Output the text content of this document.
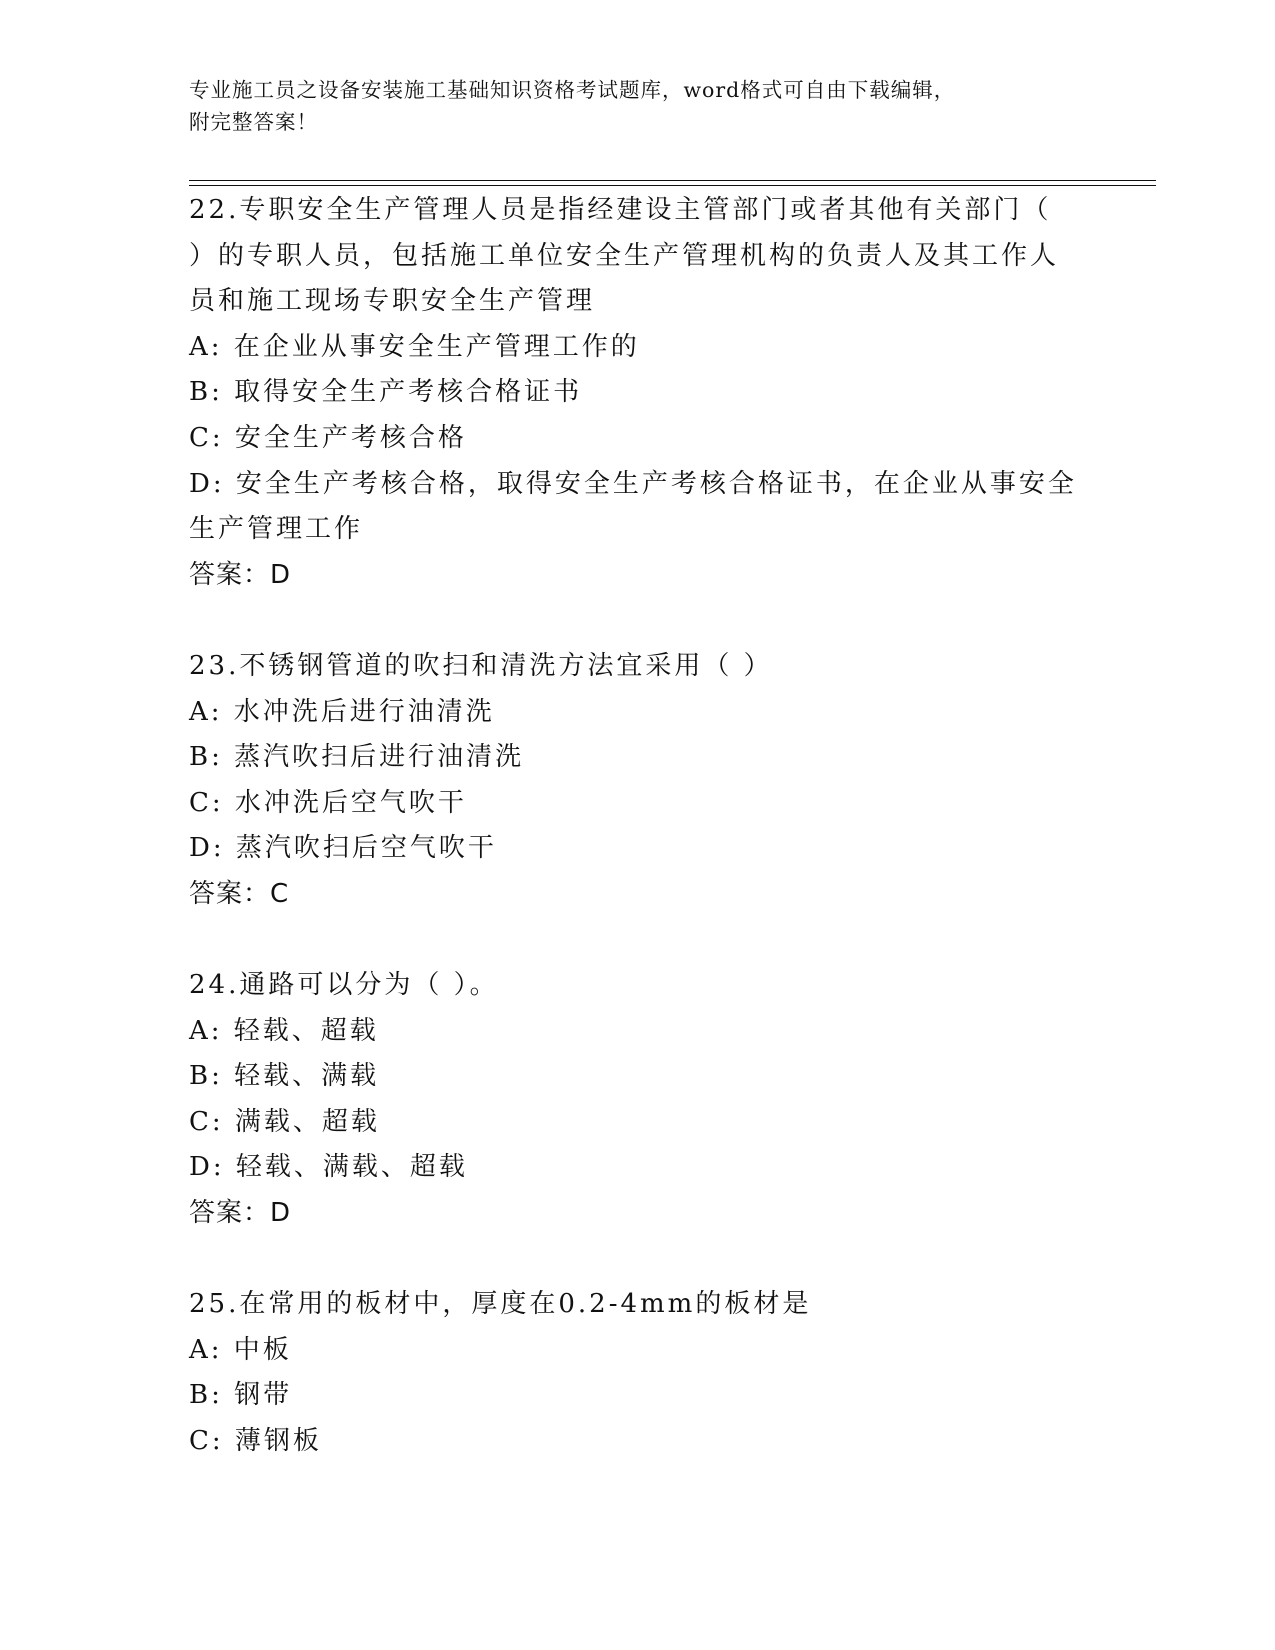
专业施工员之设备安装施工基础知识资格考试题库，word格式可自由下载编辑，
附完整答案！
22.专职安全生产管理人员是指经建设主管部门或者其他有关部门（
）的专职人员，包括施工单位安全生产管理机构的负责人及其工作人
员和施工现场专职安全生产管理
A: 在企业从事安全生产管理工作的
B: 取得安全生产考核合格证书
C: 安全生产考核合格
D: 安全生产考核合格，取得安全生产考核合格证书，在企业从事安全
生产管理工作
答案：D
23.不锈钢管道的吹扫和清洗方法宜采用（ ）
A: 水冲洗后进行油清洗
B: 蒸汽吹扫后进行油清洗
C: 水冲洗后空气吹干
D: 蒸汽吹扫后空气吹干
答案：C
24.通路可以分为（ ）。
A: 轻载、超载
B: 轻载、满载
C: 满载、超载
D: 轻载、满载、超载
答案：D
25.在常用的板材中，厚度在0.2-4mm的板材是
A: 中板
B: 钢带
C: 薄钢板
